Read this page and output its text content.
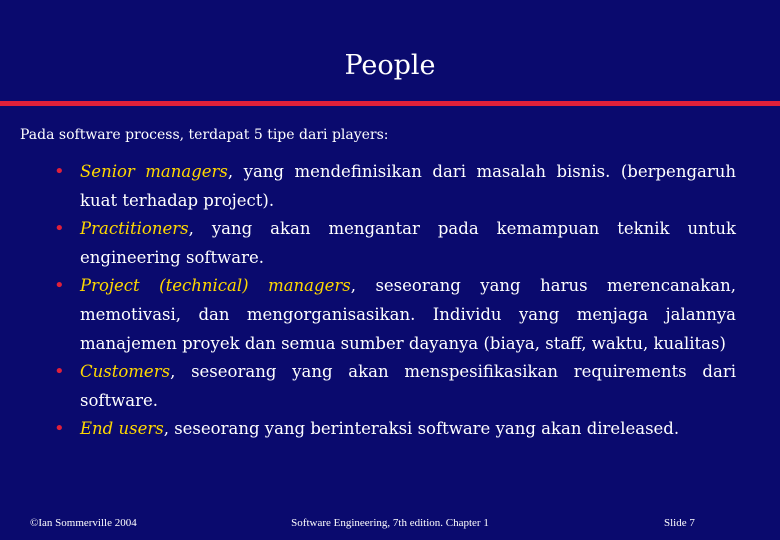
People
Pada software process, terdapat 5 tipe dari players:
• Senior managers, yang mendefinisikan dari masalah bisnis. (berpengaruh kuat terhadap project).
• Practitioners, yang akan mengantar pada kemampuan teknik untuk engineering software.
• Project (technical) managers, seseorang yang harus merencanakan, memotivasi, dan mengorganisasikan. Individu yang menjaga jalannya manajemen proyek dan semua sumber dayanya (biaya, staff, waktu, kualitas)
• Customers, seseorang yang akan menspesifikasikan requirements dari software.
• End users, seseorang yang berinteraksi software yang akan direleased.
©Ian Sommerville 2004	Software Engineering, 7th edition. Chapter 1	Slide 7
